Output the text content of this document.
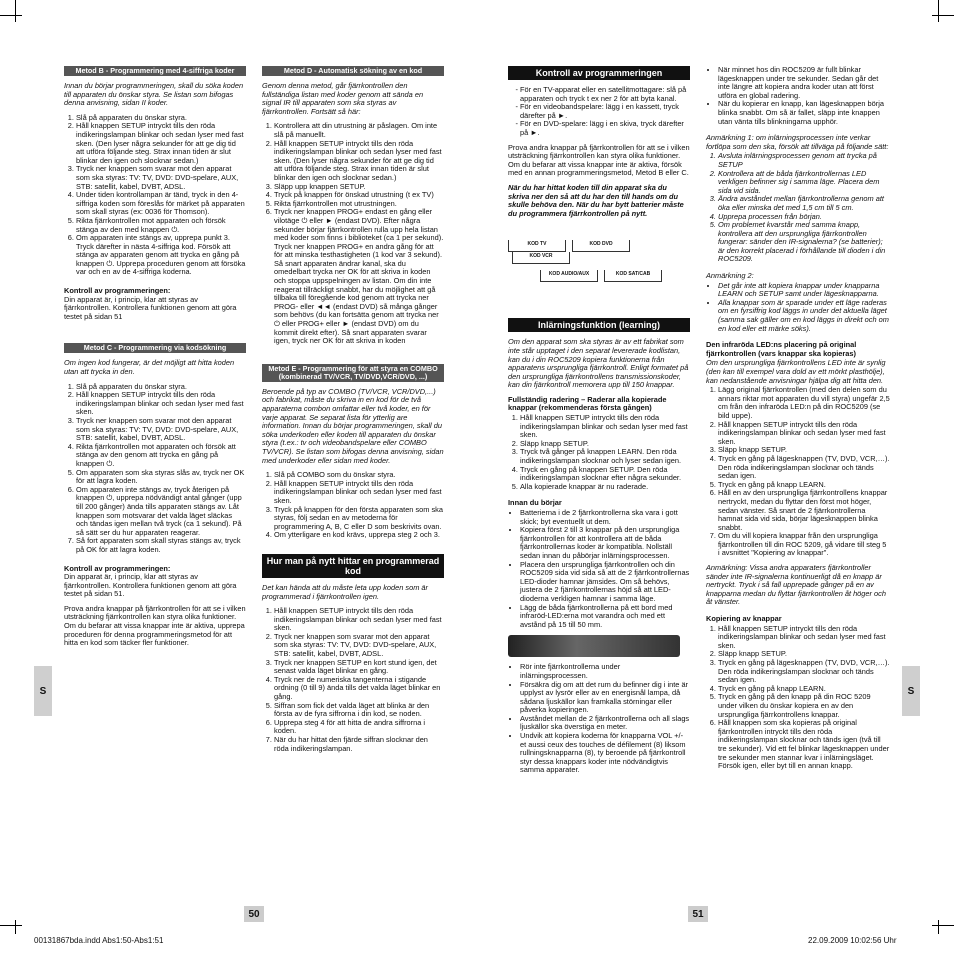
Metod B - Programmering med 4-siffriga koder

Innan du börjar programmeringen, skall du söka koden till apparaten du önskar styra. Se listan som bifogas denna anvisning, sidan II koder.

1. Slå på apparaten du önskar styra.
2. Håll knappen SETUP intryckt tills den röda indikeringslampan blinkar och sedan lyser med fast sken. (Den lyser några sekunder för att ge dig tid att utföra följande steg. Strax innan tiden är slut blinkar den igen och slocknar sedan.)
3. Tryck ner knappen som svarar mot den apparat som ska styras: TV: TV, DVD: DVD-spelare, AUX, STB: satellit, kabel, DVBT, ADSL.
4. Under tiden kontrollampan är tänd, tryck in den 4-siffriga koden som föreslås för märket på apparaten som skall styras (ex: 0036 för Thomson).
5. Rikta fjärrkontrollen mot apparaten och försök stänga av den med knappen ⏻.
6. Om apparaten inte stängs av, upprepa punkt 3. Tryck därefter in nästa 4-siffriga kod. Försök att stänga av apparaten genom att trycka en gång på knappen ⏻. Upprepa proceduren genom att försöka var och en av de 4-siffriga koderna.

Kontroll av programmeringen:

Din apparat är, i princip, klar att styras av fjärrkontrollen. Kontrollera funktionen genom att göra testet på sidan 51

Metod C - Programmering via kodsökning

Om ingen kod fungerar, är det möjligt att hitta koden utan att trycka in den.

1. Slå på apparaten du önskar styra.
2. Håll knappen SETUP intryckt tills den röda indikeringslampan blinkar och sedan lyser med fast sken.
3. Tryck ner knappen som svarar mot den apparat som ska styras: TV: TV, DVD: DVD-spelare, AUX, STB: satellit, kabel, DVBT, ADSL.
4. Rikta fjärrkontrollen mot apparaten och försök att stänga av den genom att trycka en gång på knappen ⏻.
5. Om apparaten som ska styras slås av, tryck ner OK för att lagra koden.
6. Om apparaten inte stängs av, tryck återigen på knappen ⏻, upprepa nödvändigt antal gånger (upp till 200 gånger) ända tills apparaten stängs av. Låt knappen som motsvarar det valda läget släckas och tändas igen mellan två tryck (ca 1 sekund). På så sätt ser du hur apparaten reagerar.
7. Så fort apparaten som skall styras stängs av, tryck på OK för att lagra koden.

Kontroll av programmeringen:

Din apparat är, i princip, klar att styras av fjärrkontrollen. Kontrollera funktionen genom att göra testet på sidan 51.

Prova andra knappar på fjärrkontrollen för att se i vilken utsträckning fjärrkontrollen kan styra olika funktioner. Om du befarar att vissa knappar inte är aktiva, upprepa proceduren för denna programmeringsmetod för att hitta en kod som täcker fler funktioner.

Metod D - Automatisk sökning av en kod

Genom denna metod, går fjärrkontrollen den fullständiga listan med koder genom att sända en signal IR till apparaten som ska styras av fjärrkontrollen. Fortsätt så här:

1. Kontrollera att din utrustning är påslagen. Om inte slå på manuellt.
2. Håll knappen SETUP intryckt tills den röda indikeringslampan blinkar och sedan lyser med fast sken. (Den lyser några sekunder för att ge dig tid att utföra följande steg. Strax innan tiden är slut blinkar den igen och slocknar sedan.)
3. Släpp upp knappen SETUP.
4. Tryck på knappen för önskad utrustning (t ex TV)
5. Rikta fjärrkontrollen mot utrustningen.
6. Tryck ner knappen PROG+ endast en gång eller vilotäge ⏻ eller ► (endast DVD). Efter några sekunder börjar fjärrkontrollen rulla upp hela listan med koder som finns i biblioteket (ca 1 per sekund). Tryck ner knappen PROG+ en andra gång för att för att minska testhastigheten (1 kod var 3 sekund). Så snart apparaten ändrar kanal, ska du omedelbart trycka ner OK för att skriva in koden och stoppa uppspelningen av listan. Om din inte reagerat tillräckligt snabbt, har du möjlighet att gå tillbaka till föregående kod genom att trycka ner PROG- eller ◄◄ (endast DVD) så många gånger som behövs (du kan fortsätta genom att trycka ner ⏻ eller PROG+ eller ► (endast DVD) om du kommit direkt efter). Så snart apparaten svarar igen, tryck ner OK för att skriva in koden
Metod E - Programmering för att styra en COMBO (kombinerad TV/VCR, TV/DVD,VCR/DVD, ...)

Beroende på typ av COMBO (TV/VCR, VCR/DVD,...) och fabrikat, måste du skriva in en kod för de två apparaterna combon omfattar eller två koder, en för varje apparat. Se separat lista för ytterlig are information. Innan du börjar programmeringen, skall du söka underkoden eller koden till apparaten du önskar styra (t.ex.: tv och videobandspelare eller COMBO TV/VCR). Se listan som bifogas denna anvisning, sidan med underkoder eller sidan med koder.

1. Slå på COMBO som du önskar styra.
2. Håll knappen SETUP intryckt tills den röda indikeringslampan blinkar och sedan lyser med fast sken.
3. Tryck på knappen för den första apparaten som ska styras, följ sedan en av metoderna för programmering A, B, C eller D som beskrivits ovan.
4. Om ytterligare en kod krävs, upprepa steg 2 och 3.
Hur man på nytt hittar en programmerad kod

Det kan hända att du måste leta upp koden som är programmerad i fjärrkontrollen igen.

1. Håll knappen SETUP intryckt tills den röda indikeringslampan blinkar och sedan lyser med fast sken.
2. Tryck ner knappen som svarar mot den apparat som ska styras: TV: TV, DVD: DVD-spelare, AUX, STB: satellit, kabel, DVBT, ADSL.
3. Tryck ner knappen SETUP en kort stund igen, det senast valda läget blinkar en gång.
4. Tryck ner de numeriska tangenterna i stigande ordning (0 till 9) ända tills det valda läget blinkar en gång.
5. Siffran som fick det valda läget att blinka är den första av de fyra siffrorna i din kod, se noden.
6. Upprepa steg 4 för att hitta de andra siffrorna i koden.
7. När du har hittat den fjärde siffran slocknar den röda indikeringslampan.
Kontroll av programmeringen
- För en TV-apparat eller en satellitmottagare: slå på apparaten och tryck t ex ner 2 för att byta kanal.
- För en videobandspelare: lägg i en kassett, tryck därefter på ►.
- För en DVD-spelare: lägg i en skiva, tryck därefter på ►.

Prova andra knappar på fjärrkontrollen för att se i vilken utsträckning fjärrkontrollen kan styra olika funktioner. Om du befarar att vissa knappar inte är aktiva, försök med en annan programmeringsmetod, Metod B eller C.

När du har hittat koden till din apparat ska du skriva ner den så att du har den till hands om du skulle behöva den. När du har bytt batterier måste du programmera fjärrkontrollen på nytt.

KOD TV
	KOD DVD

KOD VCR
KOD AUDIO/AUX
	KOD SAT/CAB
Inlärningsfunktion (learning)

Om den apparat som ska styras är av ett fabrikat som inte står upptaget i den separat levererade kodlistan, kan du i din ROC5209 kopiera funktionerna från apparatens ursprungliga fjärrkontroll. Enligt formatet på den ursprungliga fjärrkontrollens transmissionskoder, kan din fjärrkontroll memorera upp till 150 knappar.

Fullständig radering – Raderar alla kopierade knappar (rekommenderas första gången)

1. Håll knappen SETUP intryckt tills den röda indikeringslampan blinkar och sedan lyser med fast sken.
2. Släpp knapp SETUP.
3. Tryck två gånger på knappen LEARN. Den röda indikeringslampan slocknar och lyser sedan igen.
4. Tryck en gång på knappen SETUP. Den röda indikeringslampan slocknar efter några sekunder.
5. Alla kopierade knappar är nu raderade.

Innan du börjar

• Batterierna i de 2 fjärrkontrollerna ska vara i gott skick; byt eventuellt ut dem.
• Kopiera först 2 till 3 knappar på den ursprungliga fjärrkontrollen för att kontrollera att de båda fjärrkontrollernas koder är kompatibla. Nollställ sedan innan du påbörjar inlärningsprocessen.
• Placera den ursprungliga fjärrkontrollen och din ROC5209 sida vid sida så att de 2 fjärrkontrollernas LED-dioder hamnar jämsides. Om så behövs, justera de 2 fjärrkontrollernas höjd så att LED-dioderna verkligen hamnar i samma läge.
• Lägg de båda fjärrkontrollerna på ett bord med infraröd-LED:erna mot varandra och med ett avstånd på 15 till 50 mm.
• Rör inte fjärrkontrollerna under inlärningsprocessen.
• Försäkra dig om att det rum du befinner dig i inte är upplyst av lysrör eller av en energisnål lampa, då sådana ljuskällor kan framkalla störningar eller påverka kopieringen.
• Avståndet mellan de 2 fjärrkontrollerna och all slags ljuskällor ska överstiga en meter.
• Undvik att kopiera koderna för knapparna VOL +/- et aussi ceux des touches de défilement (8) liksom rullningsknapparna (8), ty beroende på fjärrkontroll styr dessa knappars koder inte nödvändigtvis samma apparater.
• När minnet hos din ROC5209 är fullt blinkar lägesknappen under tre sekunder. Sedan går det inte längre att kopiera andra koder utan att först utföra en global radering.
• När du kopierar en knapp, kan lägesknappen börja blinka snabbt. Om så är fallet, släpp inte knappen utan vänta tills blinkningarna upphör.

Anmärkning 1: om inlärningsprocessen inte verkar fortlöpa som den ska, försök att tillväga på följande sätt:

1. Avsluta inlärningsprocessen genom att trycka på SETUP
2. Kontrollera att de båda fjärrkontrollernas LED verkligen befinner sig i samma läge. Placera dem sida vid sida.
3. Ändra avståndet mellan fjärrkontrollerna genom att öka eller minska det med 1,5 cm till 5 cm.
4. Upprepa processen från början.
5. Om problemet kvarstår med samma knapp, kontrollera att den ursprungliga fjärrkontrollen fungerar: sänder den IR-signalerna? (se batterier); är den korrekt placerad i förhållande till dioden i din ROC5209.

Anmärkning 2:

• Det går inte att kopiera knappar under knapparna LEARN och SETUP samt under lägesknapparna.
• Alla knappar som är sparade under ett läge raderas om en fyrsiffrig kod läggs in under det aktuella läget (samma sak gäller om en kod läggs in direkt och om en kod eller ett märke söks).

Den infraröda LED:ns placering på original fjärrkontrollen (vars knappar ska kopieras)

Om den ursprungliga fjärrkontrollens LED inte är synlig (den kan till exempel vara dold av ett mörkt plasthölje), kan nedanstående anvisningar hjälpa dig att hitta den.

1. Lägg original fjärrkontrollen (med den delen som du annars riktar mot apparaten du vill styra) ungefär 2,5 cm från den infraröda LED:n på din ROC5209 (se bild uppe).
2. Håll knappen SETUP intryckt tills den röda indikeringslampan blinkar och sedan lyser med fast sken.
3. Släpp knapp SETUP.
4. Tryck en gång på lägesknappen (TV, DVD, VCR,…). Den röda indikeringslampan slocknar och tänds sedan igen.
5. Tryck en gång på knapp LEARN.
6. Håll en av den ursprungliga fjärrkontrollens knappar nertryckt, medan du flyttar den först mot höger, sedan vänster. Så snart de 2 fjärrkontrollerna hamnat sida vid sida, börjar lägesknappen blinka snabbt.
7. Om du vill kopiera knappar från den ursprungliga fjärrkontrollen till din ROC 5209, gå vidare till steg 5 i avsnittet "Kopiering av knappar".

Anmärkning: Vissa andra apparaters fjärrkontroller sänder inte IR-signalerna kontinuerligt då en knapp är nertryckt. Tryck i så fall upprepade gånger på en av knapparna medan du flyttar fjärrkontrollen åt höger och åt vänster.

Kopiering av knappar

1. Håll knappen SETUP intryckt tills den röda indikeringslampan blinkar och sedan lyser med fast sken.
2. Släpp knapp SETUP.
3. Tryck en gång på lägesknappen (TV, DVD, VCR,…). Den röda indikeringslampan slocknar och tänds sedan igen.
4. Tryck en gång på knapp LEARN.
5. Tryck en gång på den knapp på din ROC 5209 under vilken du önskar kopiera en av den ursprungliga fjärrkontrollens knappar.
6. Håll knappen som ska kopieras på original fjärrkontrollen intryckt tills den röda indikeringslampan slocknar och tänds igen (två till tre sekunder). Vid ett fel blinkar lägesknappen under tre sekunder men stannar kvar i inlärningsläget. Försök igen, eller byt till en annan knapp.
S	S
50	51
00131867bda.indd Abs1:50-Abs1:51	22.09.2009 10:02:56 Uhr
